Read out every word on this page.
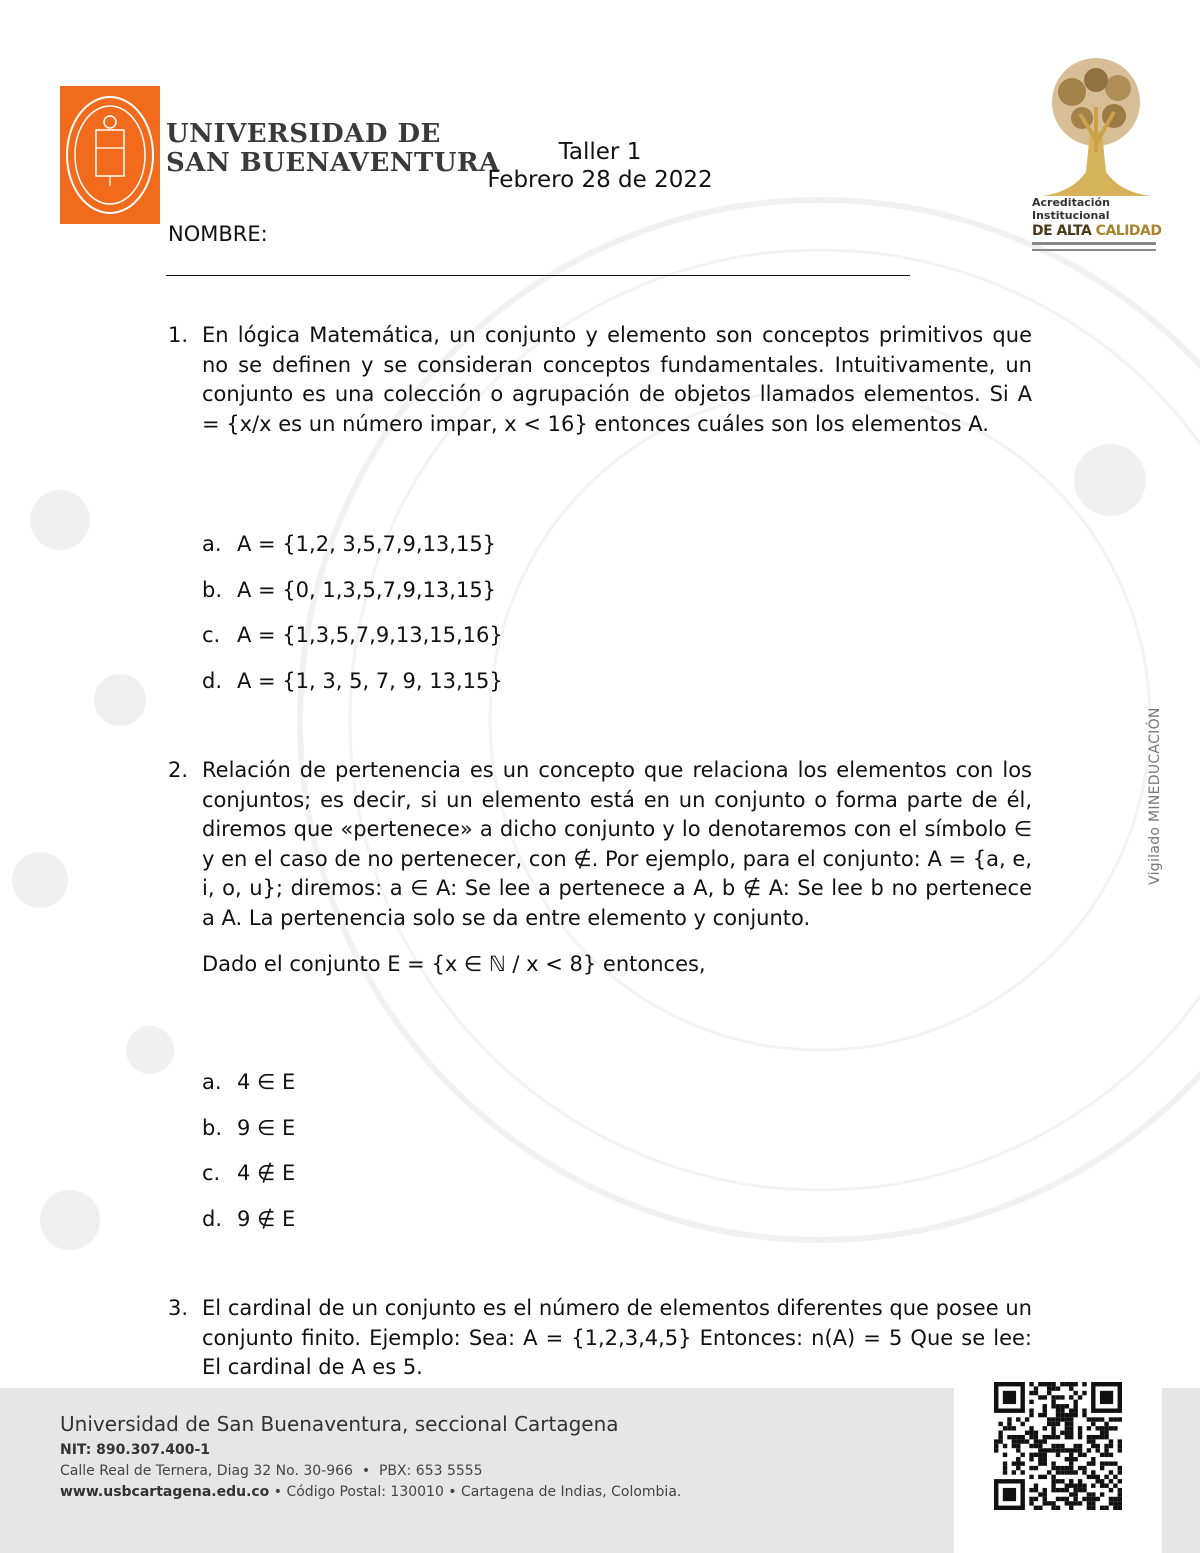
UNIVERSIDAD DE
SAN BUENAVENTURA	Taller 1
Febrero 28 de 2022
Acreditación Institucional
DE ALTA CALIDAD
NOMBRE:
Vigilado MINEDUCACIÓN
1. En lógica Matemática, un conjunto y elemento son conceptos primitivos que no se definen y se consideran conceptos fundamentales. Intuitivamente, un conjunto es una colección o agrupación de objetos llamados elementos. Si A = {x/x es un número impar, x < 16} entonces cuáles son los elementos A.
a. A = {1,2, 3,5,7,9,13,15}
b. A = {0, 1,3,5,7,9,13,15}
c. A = {1,3,5,7,9,13,15,16}
d. A = {1, 3, 5, 7, 9, 13,15}
2. Relación de pertenencia es un concepto que relaciona los elementos con los conjuntos; es decir, si un elemento está en un conjunto o forma parte de él, diremos que «pertenece» a dicho conjunto y lo denotaremos con el símbolo ∈ y en el caso de no pertenecer, con ∉. Por ejemplo, para el conjunto: A = {a, e, i, o, u}; diremos: a ∈ A: Se lee a pertenece a A, b ∉ A: Se lee b no pertenece a A. La pertenencia solo se da entre elemento y conjunto.
Dado el conjunto E = {x ∈ ℕ / x < 8} entonces,
a. 4 ∈ E
b. 9 ∈ E
c. 4 ∉ E
d. 9 ∉ E
3. El cardinal de un conjunto es el número de elementos diferentes que posee un conjunto finito. Ejemplo: Sea: A = {1,2,3,4,5} Entonces: n(A) = 5 Que se lee: El cardinal de A es 5.
Universidad de San Buenaventura, seccional Cartagena
NIT: 890.307.400-1
Calle Real de Ternera, Diag 32 No. 30-966  •  PBX: 653 5555
www.usbcartagena.edu.co • Código Postal: 130010 • Cartagena de Indias, Colombia.
